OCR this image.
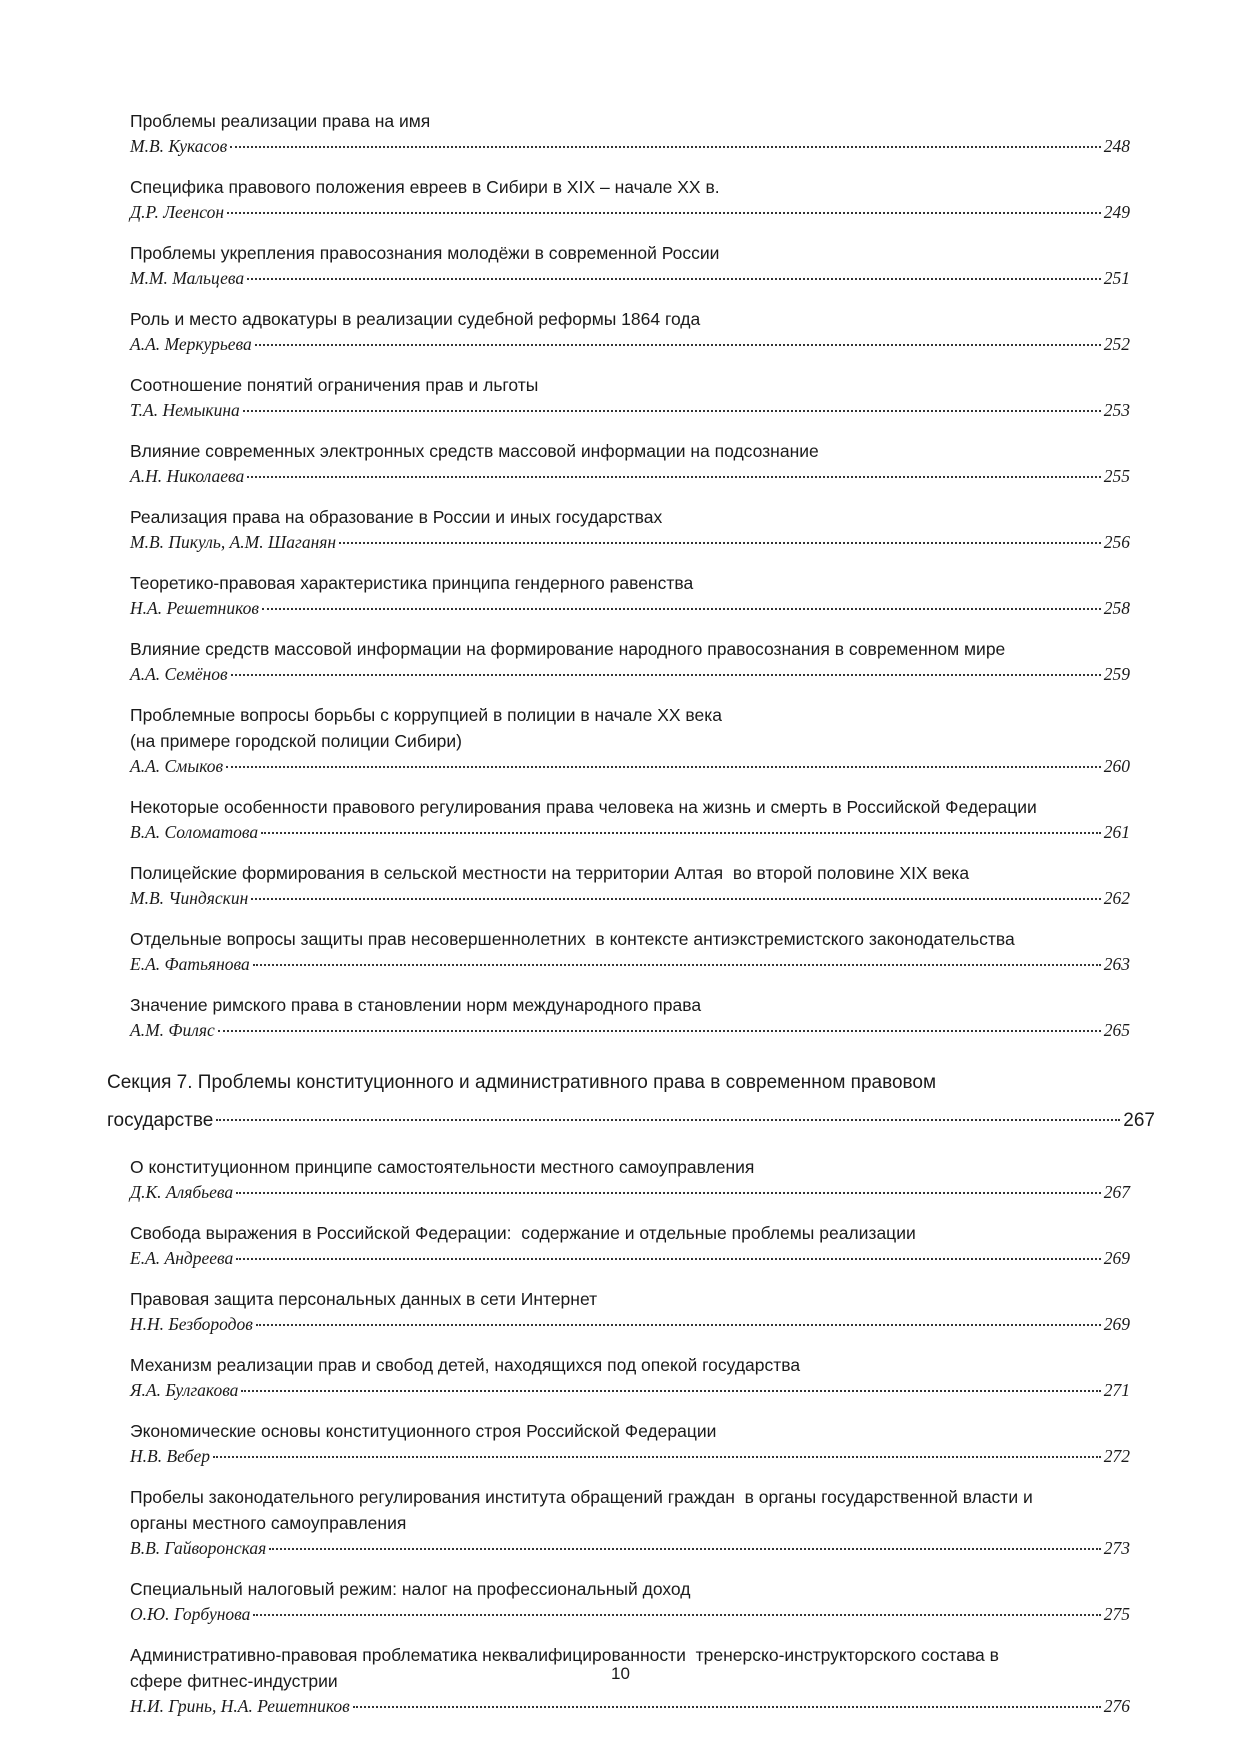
Проблемы реализации права на имя
М.В. Кукасов	248
Специфика правового положения евреев в Сибири в XIX – начале XX в.
Д.Р. Леенсон	249
Проблемы укрепления правосознания молодёжи в современной России
М.М. Мальцева	251
Роль и место адвокатуры в реализации судебной реформы 1864 года
А.А. Меркурьева	252
Соотношение понятий ограничения прав и льготы
Т.А. Немыкина	253
Влияние современных электронных средств массовой информации на подсознание
А.Н. Николаева	255
Реализация права на образование в России и иных государствах
М.В. Пикуль, А.М. Шаганян	256
Теоретико-правовая характеристика принципа гендерного равенства
Н.А. Решетников	258
Влияние средств массовой информации на формирование народного правосознания в современном мире
А.А. Семёнов	259
Проблемные вопросы борьбы с коррупцией в полиции в начале XX века
(на примере городской полиции Сибири)
А.А. Смыков	260
Некоторые особенности правового регулирования права человека на жизнь и смерть в Российской Федерации
В.А. Соломатова	261
Полицейские формирования в сельской местности на территории Алтая  во второй половине XIX века
М.В. Чиндяскин	262
Отдельные вопросы защиты прав несовершеннолетних  в контексте антиэкстремистского законодательства
Е.А. Фатьянова	263
Значение римского права в становлении норм международного права
А.М. Филяс	265
Секция 7. Проблемы конституционного и административного права в современном правовом
государстве	267
О конституционном принципе самостоятельности местного самоуправления
Д.К. Алябьева	267
Свобода выражения в Российской Федерации:  содержание и отдельные проблемы реализации
Е.А. Андреева	269
Правовая защита персональных данных в сети Интернет
Н.Н. Безбородов	269
Механизм реализации прав и свобод детей, находящихся под опекой государства
Я.А. Булгакова	271
Экономические основы конституционного строя Российской Федерации
Н.В. Вебер	272
Пробелы законодательного регулирования института обращений граждан  в органы государственной власти и
органы местного самоуправления
В.В. Гайворонская	273
Специальный налоговый режим: налог на профессиональный доход
О.Ю. Горбунова	275
Административно-правовая проблематика неквалифицированности  тренерско-инструкторского состава в
сфере фитнес-индустрии
Н.И. Гринь, Н.А. Решетников	276
10
